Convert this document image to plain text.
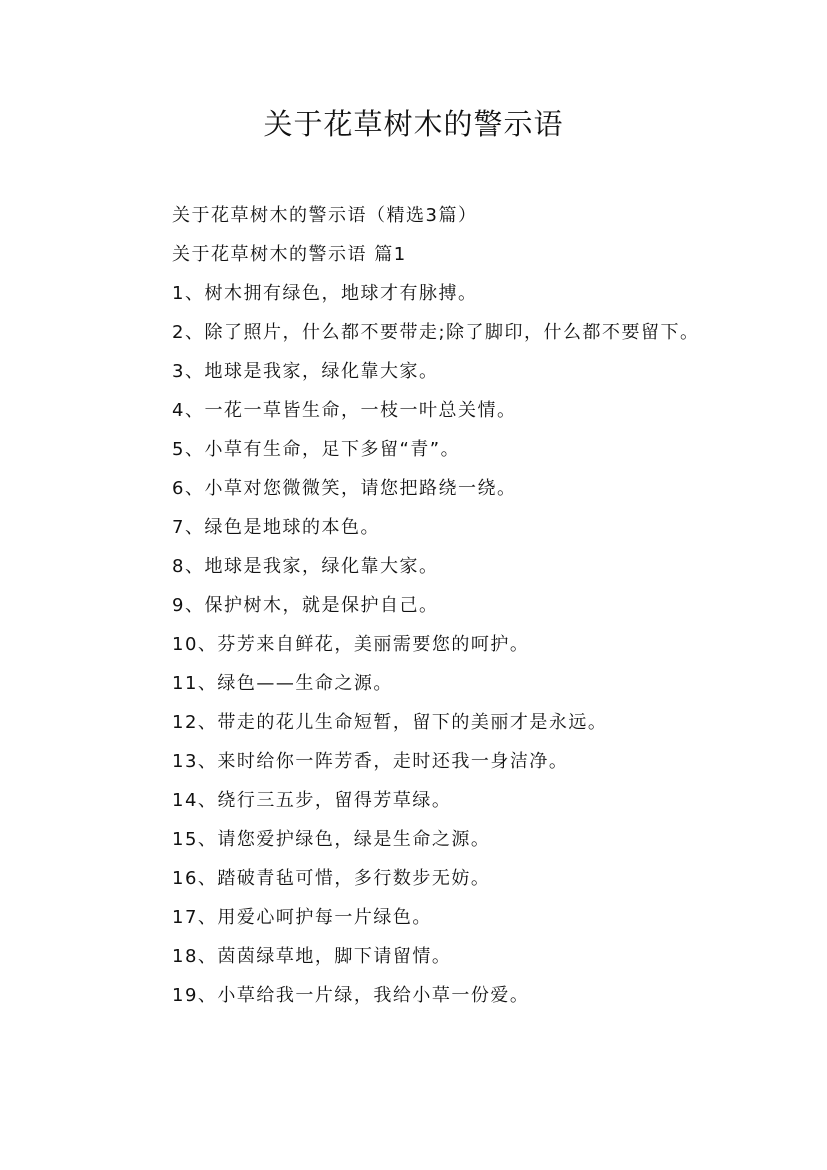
关于花草树木的警示语

关于花草树木的警示语（精选3篇）

关于花草树木的警示语 篇1

1、树木拥有绿色，地球才有脉搏。

2、除了照片，什么都不要带走;除了脚印，什么都不要留下。

3、地球是我家，绿化靠大家。

4、一花一草皆生命，一枝一叶总关情。

5、小草有生命，足下多留“青”。

6、小草对您微微笑，请您把路绕一绕。

7、绿色是地球的本色。

8、地球是我家，绿化靠大家。

9、保护树木，就是保护自己。

10、芬芳来自鲜花，美丽需要您的呵护。

11、绿色——生命之源。

12、带走的花儿生命短暂，留下的美丽才是永远。

13、来时给你一阵芳香，走时还我一身洁净。

14、绕行三五步，留得芳草绿。

15、请您爱护绿色，绿是生命之源。

16、踏破青毡可惜，多行数步无妨。

17、用爱心呵护每一片绿色。

18、茵茵绿草地，脚下请留情。

19、小草给我一片绿，我给小草一份爱。
